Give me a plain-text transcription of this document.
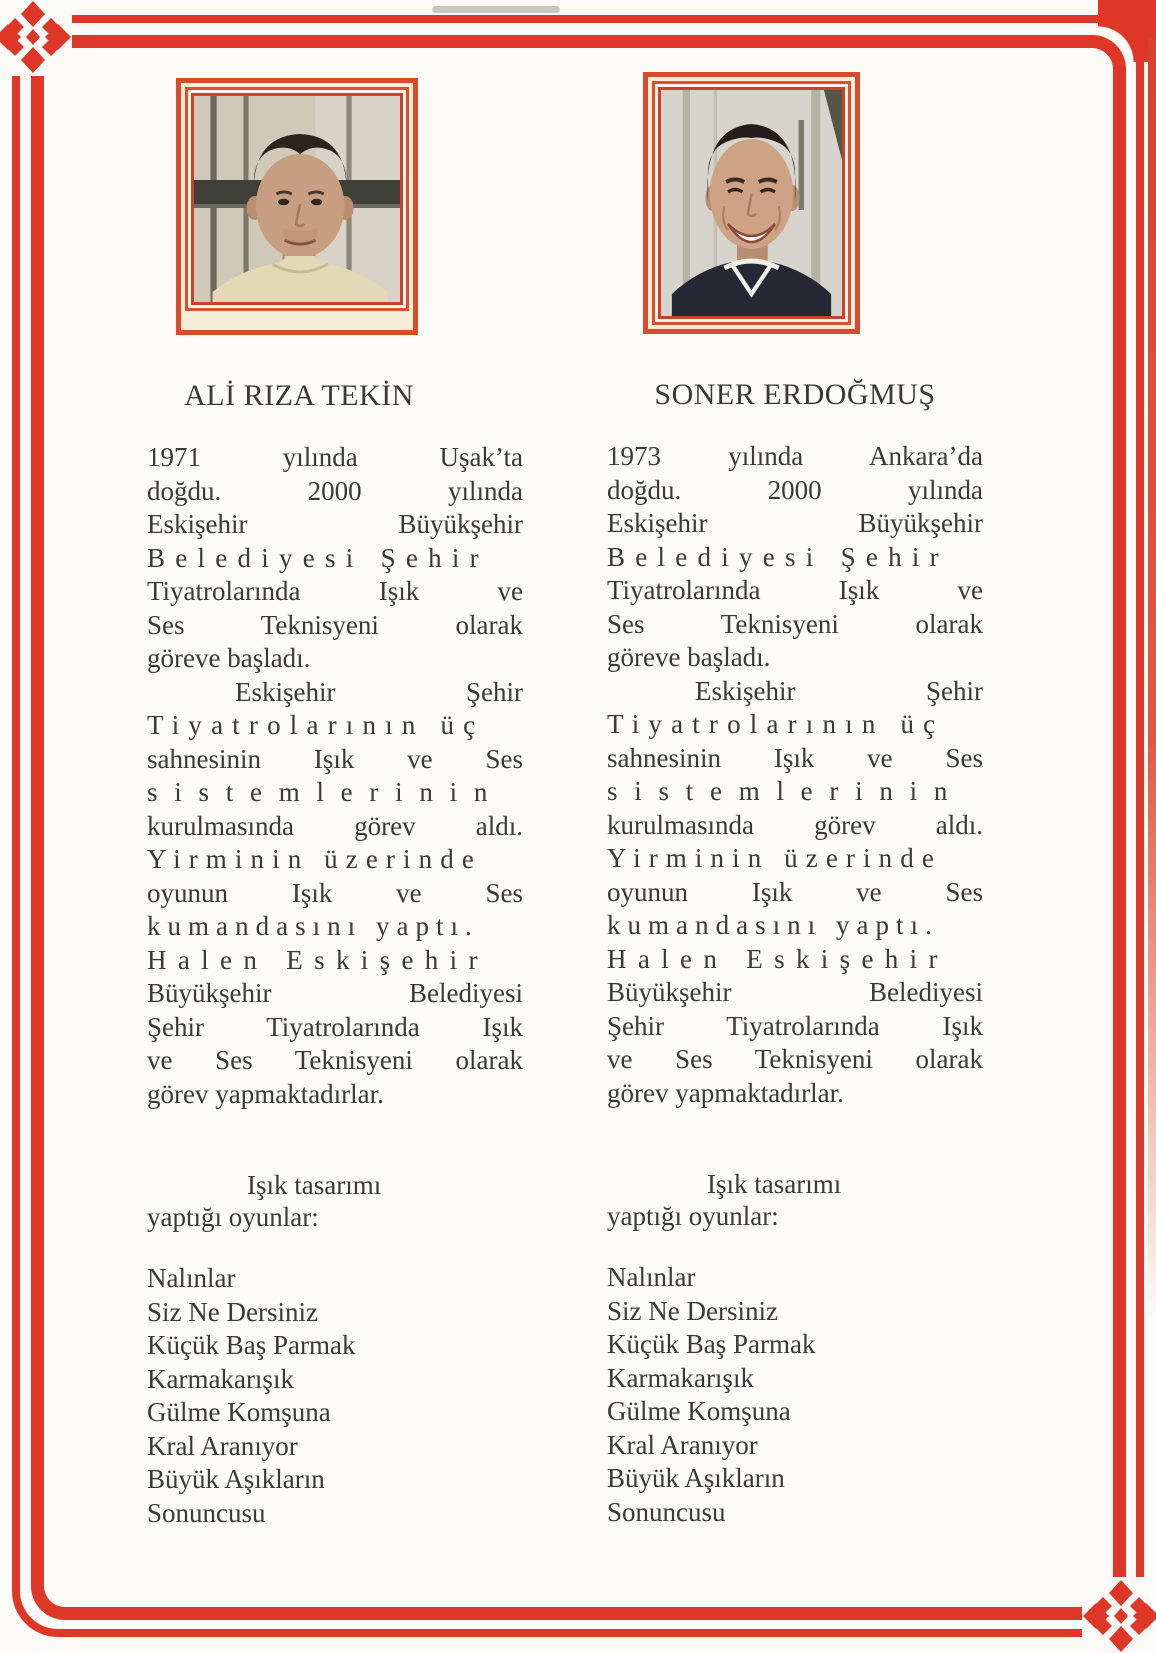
ALİ RIZA TEKİN
1971 yılında Uşak’ta
doğdu. 2000 yılında
Eskişehir Büyükşehir
Belediyesi Şehir
Tiyatrolarında Işık ve
Ses Teknisyeni olarak
göreve başladı.
Eskişehir Şehir
Tiyatrolarının üç
sahnesinin Işık ve Ses
sistemlerinin
kurulmasında görev aldı.
Yirminin üzerinde
oyunun Işık ve Ses
kumandasını yaptı.
Halen Eskişehir
Büyükşehir Belediyesi
Şehir Tiyatrolarında Işık
ve Ses Teknisyeni olarak
görev yapmaktadırlar.
Işık tasarımı
yaptığı oyunlar:
Nalınlar
Siz Ne Dersiniz
Küçük Baş Parmak
Karmakarışık
Gülme Komşuna
Kral Aranıyor
Büyük Aşıkların
Sonuncusu
SONER ERDOĞMUŞ
1973 yılında Ankara’da
doğdu. 2000 yılında
Eskişehir Büyükşehir
Belediyesi Şehir
Tiyatrolarında Işık ve
Ses Teknisyeni olarak
göreve başladı.
Eskişehir Şehir
Tiyatrolarının üç
sahnesinin Işık ve Ses
sistemlerinin
kurulmasında görev aldı.
Yirminin üzerinde
oyunun Işık ve Ses
kumandasını yaptı.
Halen Eskişehir
Büyükşehir Belediyesi
Şehir Tiyatrolarında Işık
ve Ses Teknisyeni olarak
görev yapmaktadırlar.
Işık tasarımı
yaptığı oyunlar:
Nalınlar
Siz Ne Dersiniz
Küçük Baş Parmak
Karmakarışık
Gülme Komşuna
Kral Aranıyor
Büyük Aşıkların
Sonuncusu
